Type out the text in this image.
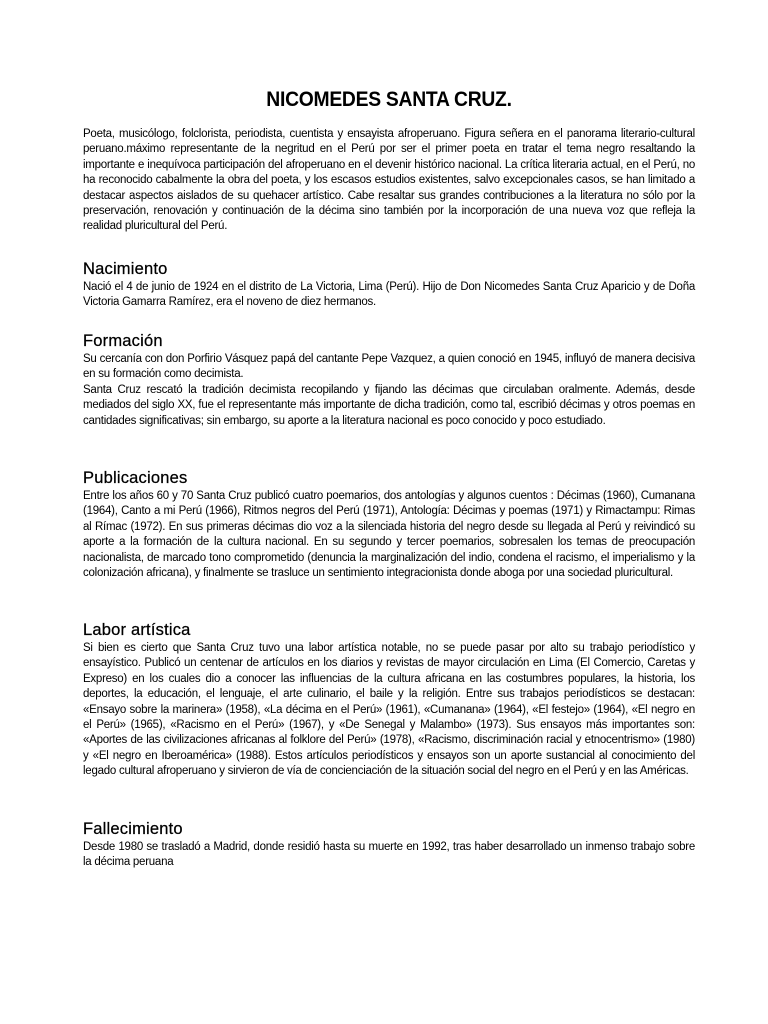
NICOMEDES SANTA CRUZ.

Poeta, musicólogo, folclorista, periodista, cuentista y ensayista afroperuano. Figura señera en el panorama literario-cultural peruano.máximo representante de la negritud en el Perú por ser el primer poeta en tratar el tema negro resaltando la importante e inequívoca participación del afroperuano en el devenir histórico nacional. La crítica literaria actual, en el Perú, no ha reconocido cabalmente la obra del poeta, y los escasos estudios existentes, salvo excepcionales casos, se han limitado a destacar aspectos aislados de su quehacer artístico. Cabe resaltar sus grandes contribuciones a la literatura no sólo por la preservación, renovación y continuación de la décima sino también por la incorporación de una nueva voz que refleja la realidad pluricultural del Perú.

Nacimiento

Nació el 4 de junio de 1924 en el distrito de La Victoria, Lima (Perú). Hijo de Don Nicomedes Santa Cruz Aparicio y de Doña Victoria Gamarra Ramírez, era el noveno de diez hermanos.

Formación

Su cercanía con don Porfirio Vásquez papá del cantante Pepe Vazquez, a quien conoció en 1945, influyó de manera decisiva en su formación como decimista.

Santa Cruz rescató la tradición decimista recopilando y fijando las décimas que circulaban oralmente. Además, desde mediados del siglo XX, fue el representante más importante de dicha tradición, como tal, escribió décimas y otros poemas en cantidades significativas; sin embargo, su aporte a la literatura nacional es poco conocido y poco estudiado.

Publicaciones

Entre los años 60 y 70 Santa Cruz publicó cuatro poemarios, dos antologías y algunos cuentos : Décimas (1960), Cumanana (1964), Canto a mi Perú (1966), Ritmos negros del Perú (1971), Antología: Décimas y poemas (1971) y Rimactampu: Rimas al Rímac (1972). En sus primeras décimas dio voz a la silenciada historia del negro desde su llegada al Perú y reivindicó su aporte a la formación de la cultura nacional. En su segundo y tercer poemarios, sobresalen los temas de preocupación nacionalista, de marcado tono comprometido (denuncia la marginalización del indio, condena el racismo, el imperialismo y la colonización africana), y finalmente se trasluce un sentimiento integracionista donde aboga por una sociedad pluricultural.

Labor artística

Si bien es cierto que Santa Cruz tuvo una labor artística notable, no se puede pasar por alto su trabajo periodístico y ensayístico. Publicó un centenar de artículos en los diarios y revistas de mayor circulación en Lima (El Comercio, Caretas y Expreso) en los cuales dio a conocer las influencias de la cultura africana en las costumbres populares, la historia, los deportes, la educación, el lenguaje, el arte culinario, el baile y la religión. Entre sus trabajos periodísticos se destacan: «Ensayo sobre la marinera» (1958), «La décima en el Perú» (1961), «Cumanana» (1964), «El festejo» (1964), «El negro en el Perú» (1965), «Racismo en el Perú» (1967), y «De Senegal y Malambo» (1973). Sus ensayos más importantes son: «Aportes de las civilizaciones africanas al folklore del Perú» (1978), «Racismo, discriminación racial y etnocentrismo» (1980) y «El negro en Iberoamérica» (1988). Estos artículos periodísticos y ensayos son un aporte sustancial al conocimiento del legado cultural afroperuano y sirvieron de vía de concienciación de la situación social del negro en el Perú y en las Américas.

Fallecimiento

Desde 1980 se trasladó a Madrid, donde residió hasta su muerte en 1992, tras haber desarrollado un inmenso trabajo sobre la décima peruana
